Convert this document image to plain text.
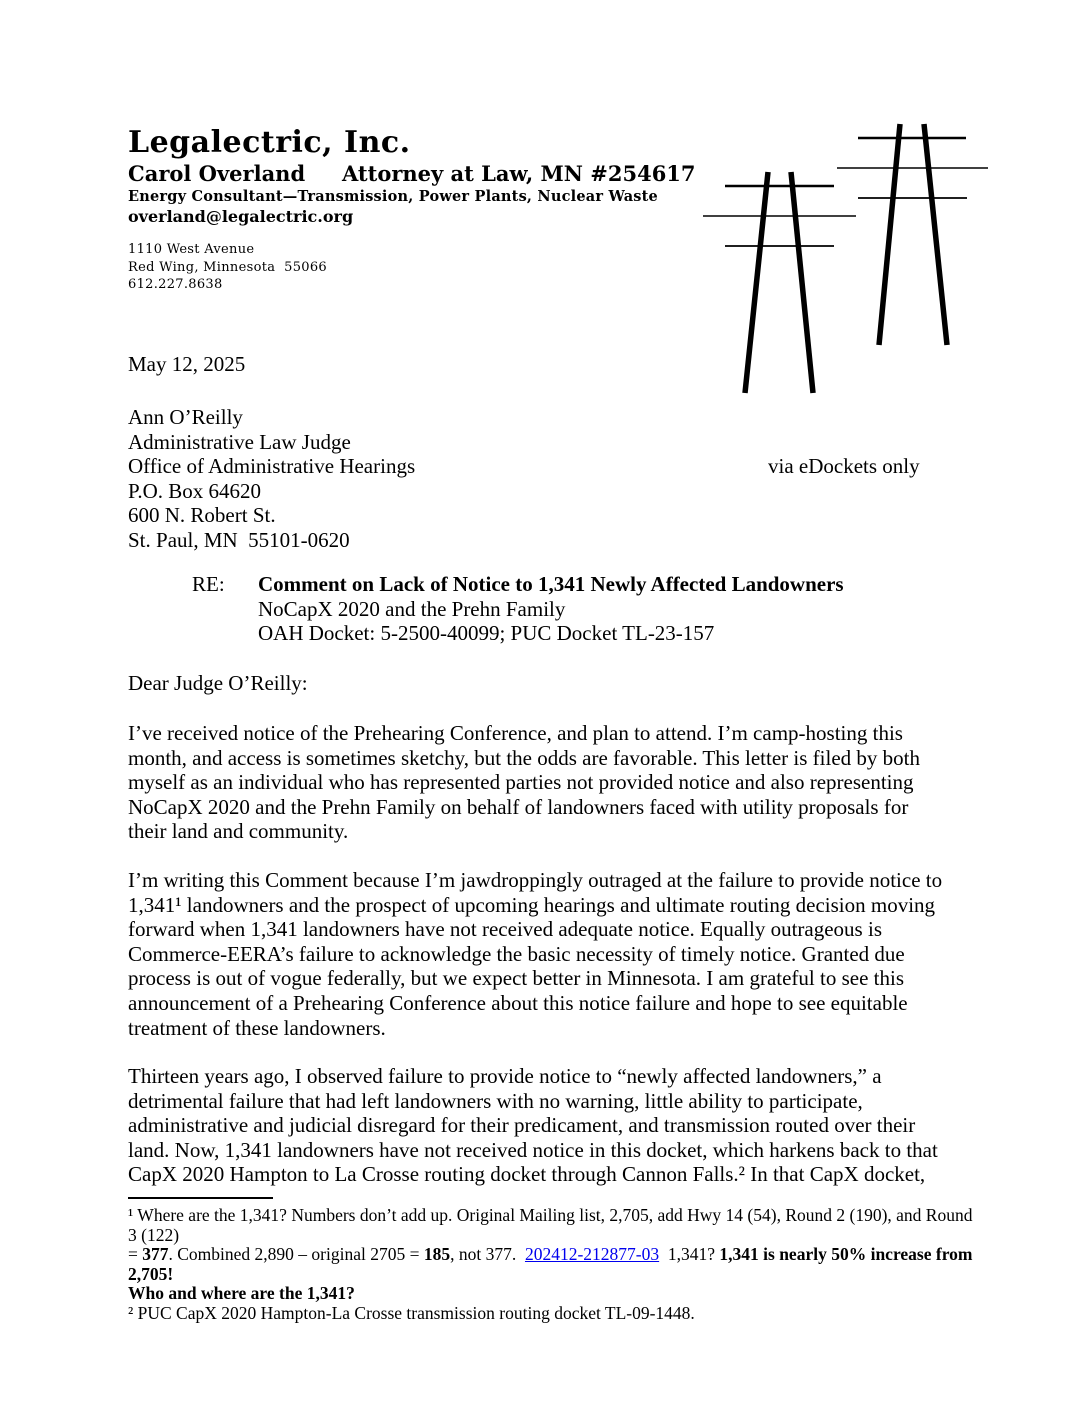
Legalectric, Inc.
Carol Overland	Attorney at Law, MN #254617
Energy Consultant—Transmission, Power Plants, Nuclear Waste
overland@legalectric.org
1110 West Avenue
Red Wing, Minnesota  55066
612.227.8638
May 12, 2025
Ann O’Reilly
Administrative Law Judge
Office of Administrative Hearings
P.O. Box 64620
600 N. Robert St.
St. Paul, MN  55101-0620
via eDockets only
RE:	Comment on Lack of Notice to 1,341 Newly Affected Landowners
NoCapX 2020 and the Prehn Family
OAH Docket: 5-2500-40099; PUC Docket TL-23-157
Dear Judge O’Reilly:
I’ve received notice of the Prehearing Conference, and plan to attend. I’m camp-hosting this
month, and access is sometimes sketchy, but the odds are favorable. This letter is filed by both
myself as an individual who has represented parties not provided notice and also representing
NoCapX 2020 and the Prehn Family on behalf of landowners faced with utility proposals for
their land and community.
I’m writing this Comment because I’m jawdroppingly outraged at the failure to provide notice to
1,341¹ landowners and the prospect of upcoming hearings and ultimate routing decision moving
forward when 1,341 landowners have not received adequate notice. Equally outrageous is
Commerce-EERA’s failure to acknowledge the basic necessity of timely notice. Granted due
process is out of vogue federally, but we expect better in Minnesota. I am grateful to see this
announcement of a Prehearing Conference about this notice failure and hope to see equitable
treatment of these landowners.
Thirteen years ago, I observed failure to provide notice to “newly affected landowners,” a
detrimental failure that had left landowners with no warning, little ability to participate,
administrative and judicial disregard for their predicament, and transmission routed over their
land. Now, 1,341 landowners have not received notice in this docket, which harkens back to that
CapX 2020 Hampton to La Crosse routing docket through Cannon Falls.² In that CapX docket,
¹ Where are the 1,341? Numbers don’t add up. Original Mailing list, 2,705, add Hwy 14 (54), Round 2 (190), and Round 3 (122)
= 377. Combined 2,890 – original 2705 = 185, not 377.  202412-212877-03  1,341? 1,341 is nearly 50% increase from 2,705!
Who and where are the 1,341?
² PUC CapX 2020 Hampton-La Crosse transmission routing docket TL-09-1448.
